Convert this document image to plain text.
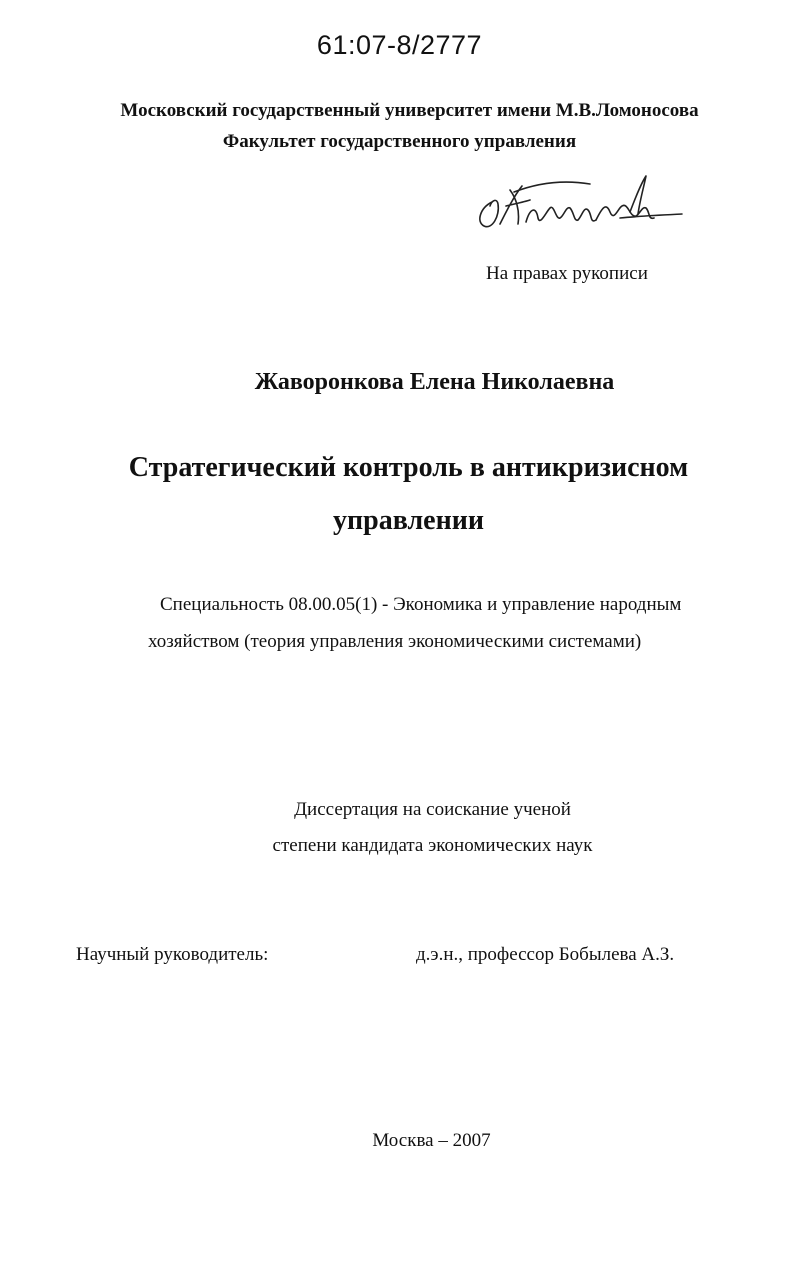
61:07-8/2777
Московский государственный университет имени М.В.Ломоносова
Факультет государственного управления
На правах рукописи
Жаворонкова Елена Николаевна
Стратегический контроль в антикризисном
управлении
Специальность 08.00.05(1) - Экономика и управление народным
хозяйством (теория управления экономическими системами)
Диссертация на соискание ученой
степени кандидата экономических наук
Научный руководитель:	д.э.н., профессор Бобылева А.З.
Москва – 2007
